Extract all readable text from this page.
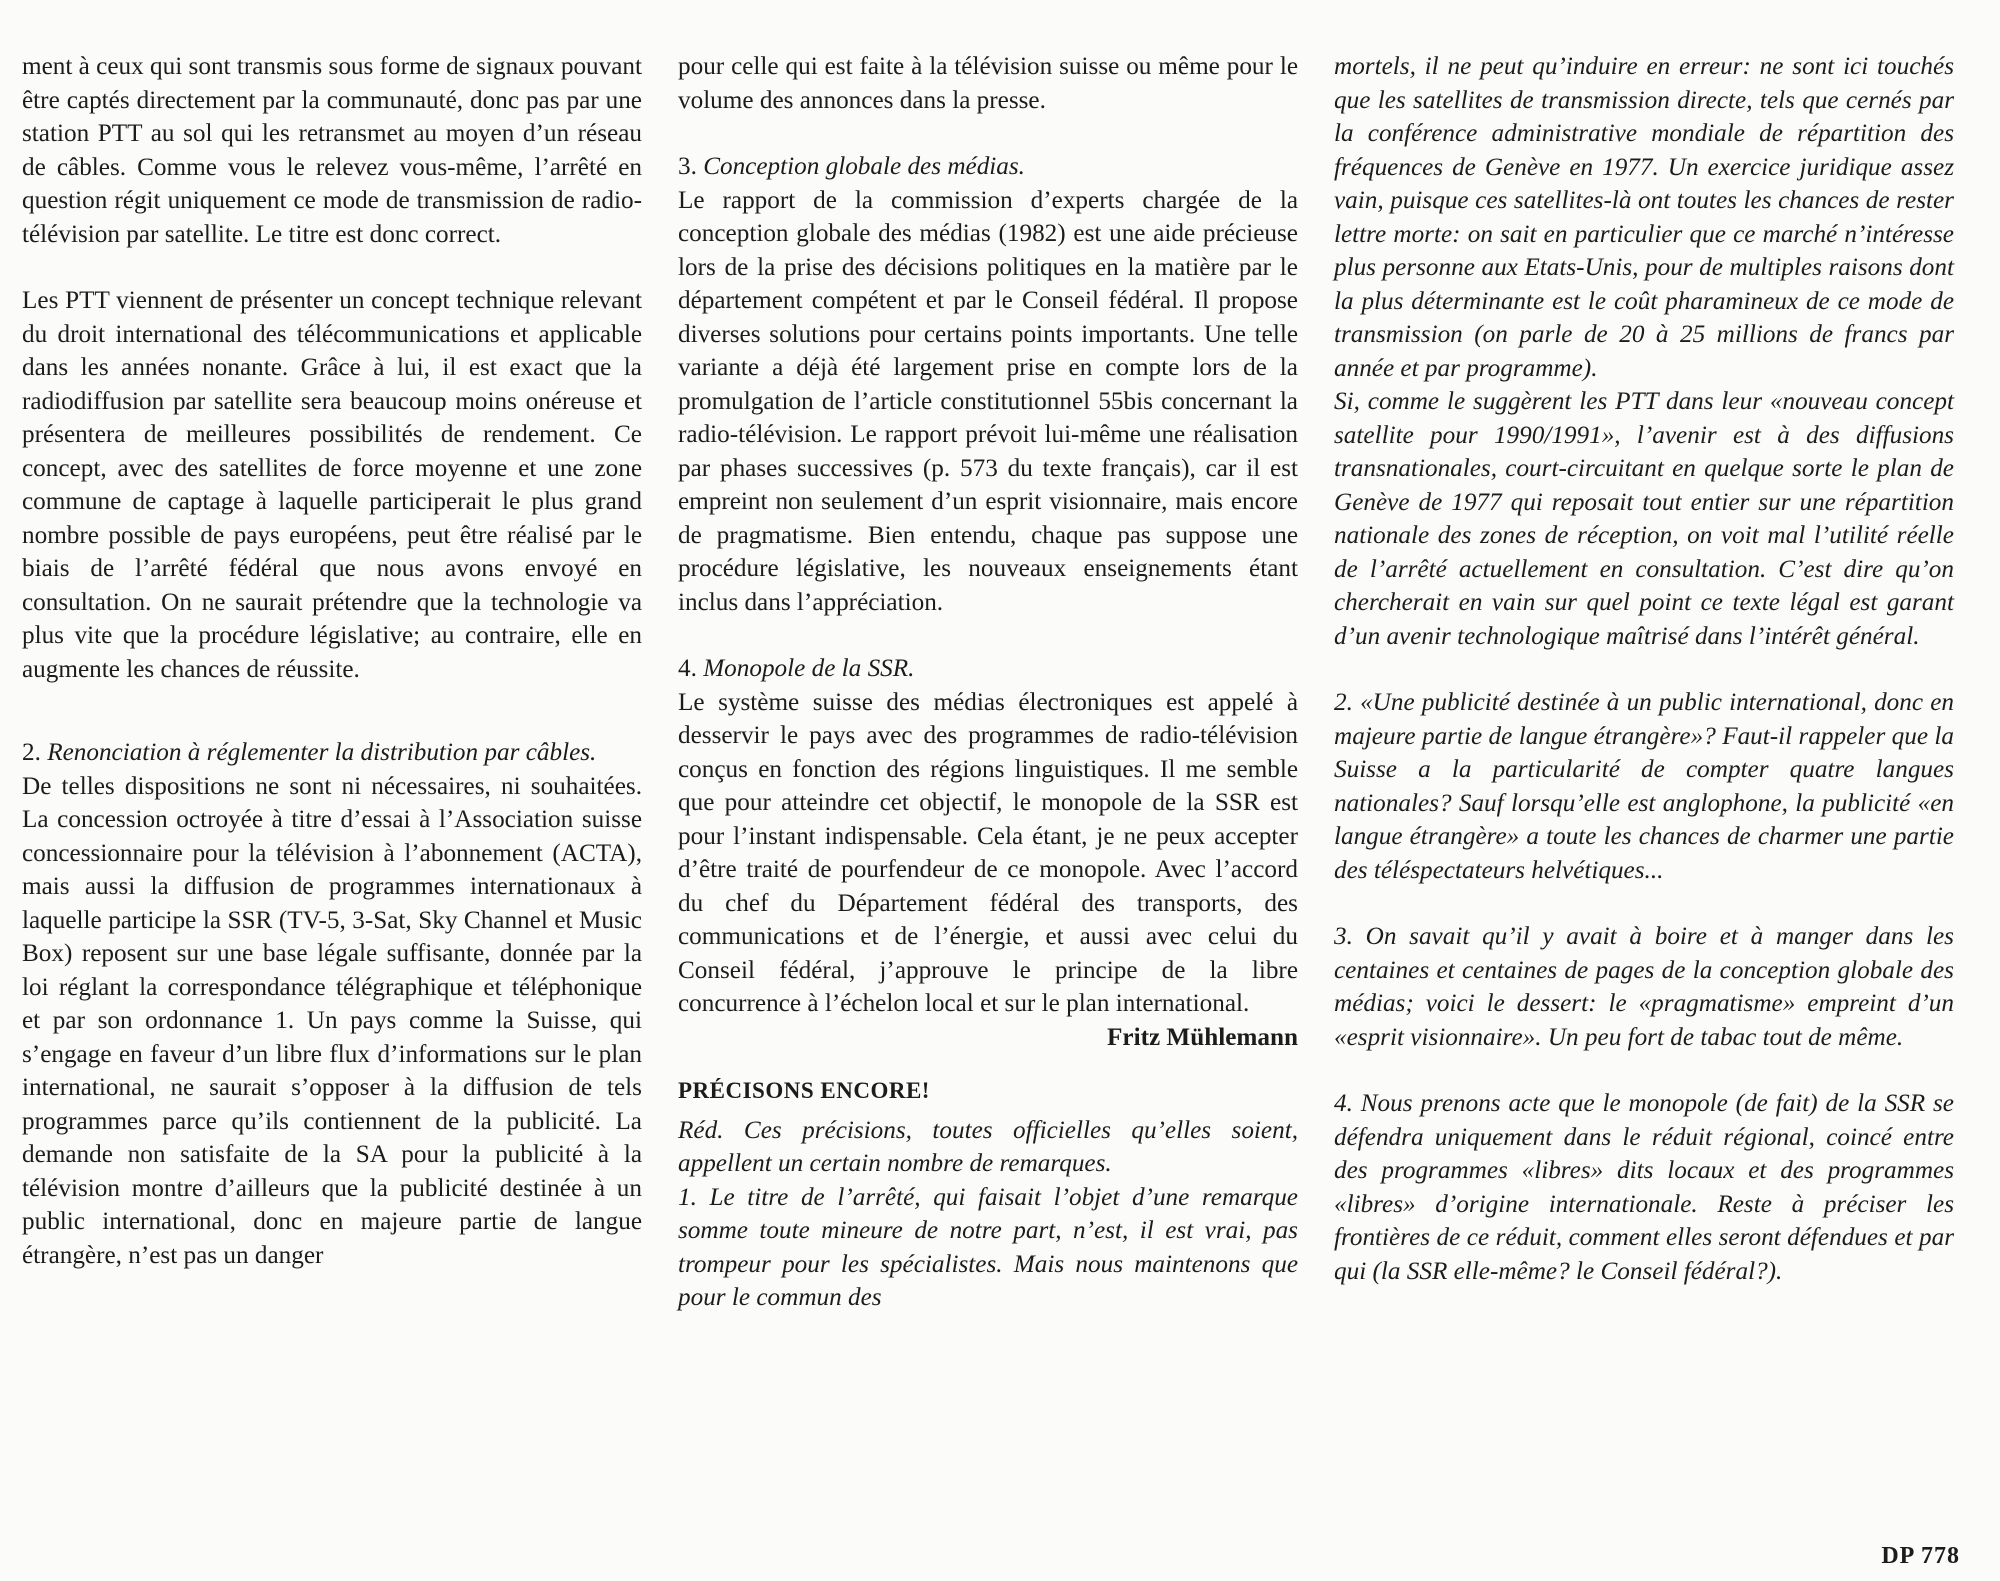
ment à ceux qui sont transmis sous forme de signaux pouvant être captés directement par la communauté, donc pas par une station PTT au sol qui les retransmet au moyen d’un réseau de câbles. Comme vous le relevez vous-même, l’arrêté en question régit uniquement ce mode de transmission de radio-télévision par satellite. Le titre est donc correct.

Les PTT viennent de présenter un concept technique relevant du droit international des télécommunications et applicable dans les années nonante. Grâce à lui, il est exact que la radiodiffusion par satellite sera beaucoup moins onéreuse et présentera de meilleures possibilités de rendement. Ce concept, avec des satellites de force moyenne et une zone commune de captage à laquelle participerait le plus grand nombre possible de pays européens, peut être réalisé par le biais de l’arrêté fédéral que nous avons envoyé en consultation. On ne saurait prétendre que la technologie va plus vite que la procédure législative; au contraire, elle en augmente les chances de réussite.

2. Renonciation à réglementer la distribution par câbles.

De telles dispositions ne sont ni nécessaires, ni souhaitées. La concession octroyée à titre d’essai à l’Association suisse concessionnaire pour la télévision à l’abonnement (ACTA), mais aussi la diffusion de programmes internationaux à laquelle participe la SSR (TV-5, 3-Sat, Sky Channel et Music Box) reposent sur une base légale suffisante, donnée par la loi réglant la correspondance télégraphique et téléphonique et par son ordonnance 1. Un pays comme la Suisse, qui s’engage en faveur d’un libre flux d’informations sur le plan international, ne saurait s’opposer à la diffusion de tels programmes parce qu’ils contiennent de la publicité. La demande non satisfaite de la SA pour la publicité à la télévision montre d’ailleurs que la publicité destinée à un public international, donc en majeure partie de langue étrangère, n’est pas un danger

pour celle qui est faite à la télévision suisse ou même pour le volume des annonces dans la presse.

3. Conception globale des médias.

Le rapport de la commission d’experts chargée de la conception globale des médias (1982) est une aide précieuse lors de la prise des décisions politiques en la matière par le département compétent et par le Conseil fédéral. Il propose diverses solutions pour certains points importants. Une telle variante a déjà été largement prise en compte lors de la promulgation de l’article constitutionnel 55bis concernant la radio-télévision. Le rapport prévoit lui-même une réalisation par phases successives (p. 573 du texte français), car il est empreint non seulement d’un esprit visionnaire, mais encore de pragmatisme. Bien entendu, chaque pas suppose une procédure législative, les nouveaux enseignements étant inclus dans l’appréciation.

4. Monopole de la SSR.

Le système suisse des médias électroniques est appelé à desservir le pays avec des programmes de radio-télévision conçus en fonction des régions linguistiques. Il me semble que pour atteindre cet objectif, le monopole de la SSR est pour l’instant indispensable. Cela étant, je ne peux accepter d’être traité de pourfendeur de ce monopole. Avec l’accord du chef du Département fédéral des transports, des communications et de l’énergie, et aussi avec celui du Conseil fédéral, j’approuve le principe de la libre concurrence à l’échelon local et sur le plan international.

Fritz Mühlemann

PRÉCISONS ENCORE!

Réd. Ces précisions, toutes officielles qu’elles soient, appellent un certain nombre de remarques.

1. Le titre de l’arrêté, qui faisait l’objet d’une remarque somme toute mineure de notre part, n’est, il est vrai, pas trompeur pour les spécialistes. Mais nous maintenons que pour le commun des

mortels, il ne peut qu’induire en erreur: ne sont ici touchés que les satellites de transmission directe, tels que cernés par la conférence administrative mondiale de répartition des fréquences de Genève en 1977. Un exercice juridique assez vain, puisque ces satellites-là ont toutes les chances de rester lettre morte: on sait en particulier que ce marché n’intéresse plus personne aux Etats-Unis, pour de multiples raisons dont la plus déterminante est le coût pharamineux de ce mode de transmission (on parle de 20 à 25 millions de francs par année et par programme).

Si, comme le suggèrent les PTT dans leur «nouveau concept satellite pour 1990/1991», l’avenir est à des diffusions transnationales, court-circuitant en quelque sorte le plan de Genève de 1977 qui reposait tout entier sur une répartition nationale des zones de réception, on voit mal l’utilité réelle de l’arrêté actuellement en consultation. C’est dire qu’on chercherait en vain sur quel point ce texte légal est garant d’un avenir technologique maîtrisé dans l’intérêt général.

2. «Une publicité destinée à un public international, donc en majeure partie de langue étrangère»? Faut-il rappeler que la Suisse a la particularité de compter quatre langues nationales? Sauf lorsqu’elle est anglophone, la publicité «en langue étrangère» a toute les chances de charmer une partie des téléspectateurs helvétiques...

3. On savait qu’il y avait à boire et à manger dans les centaines et centaines de pages de la conception globale des médias; voici le dessert: le «pragmatisme» empreint d’un «esprit visionnaire». Un peu fort de tabac tout de même.

4. Nous prenons acte que le monopole (de fait) de la SSR se défendra uniquement dans le réduit régional, coincé entre des programmes «libres» dits locaux et des programmes «libres» d’origine internationale. Reste à préciser les frontières de ce réduit, comment elles seront défendues et par qui (la SSR elle-même? le Conseil fédéral?).

DP 778
